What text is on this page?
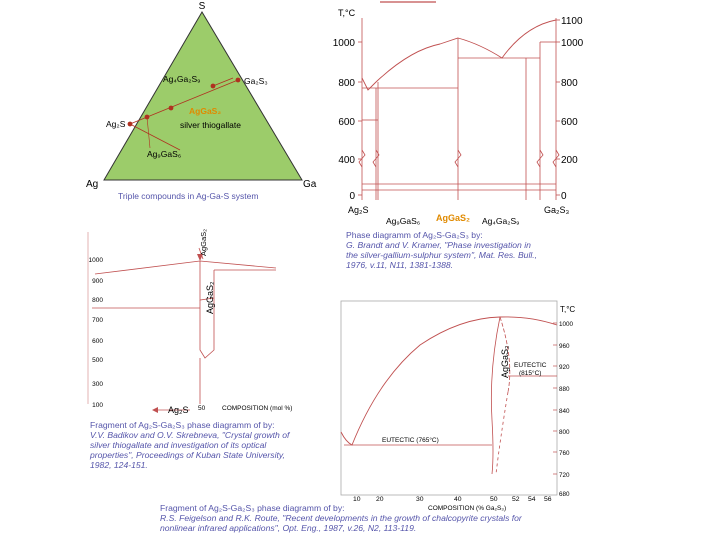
S
Ag	Ga
Ag₄Ga₂S₉	Ga₂S₃
AgGaS₂
silver thiogallate
Ag₂S
Ag₉GaS₆
Triple compounds in Ag-Ga-S system
T,°C
1000
800
600
400
0
1100
1000
800
600
200
0
Ag₂S
Ag₉GaS₆ AgGaS₂ Ag₄Ga₂S₉
Ga₂S₃
1000
900
800
700
600
500
300
100
AgGaS₂
AgGaS₂
Ag₂S 50	COMPOSITION (mol %)
T,°C
1000
960
920
880
840
800
760
720
680
10 20	30	40	50 52 54 56
COMPOSITION (% Ga₂S₃)
AgGaS₂ EUTECTIC
(815°C)
EUTECTIC (765°C)
Phase diagramm of Ag₂S-Ga₂S₃ by:
G. Brandt and V. Kramer, "Phase investigation in
the silver-gallium-sulphur system", Mat. Res. Bull.,
1976, v.11, N11, 1381-1388.
Fragment of Ag₂S-Ga₂S₃ phase diagramm of by:
V.V. Badikov and O.V. Skrebneva, "Crystal growth of
silver thiogallate and investigation of its optical
properties", Proceedings of Kuban State University,
1982, 124-151.
Fragment of Ag₂S-Ga₂S₃ phase diagramm of by:
R.S. Feigelson and R.K. Route, "Recent developments in the growth of chalcopyrite crystals for
nonlinear infrared applications", Opt. Eng., 1987, v.26, N2, 113-119.
